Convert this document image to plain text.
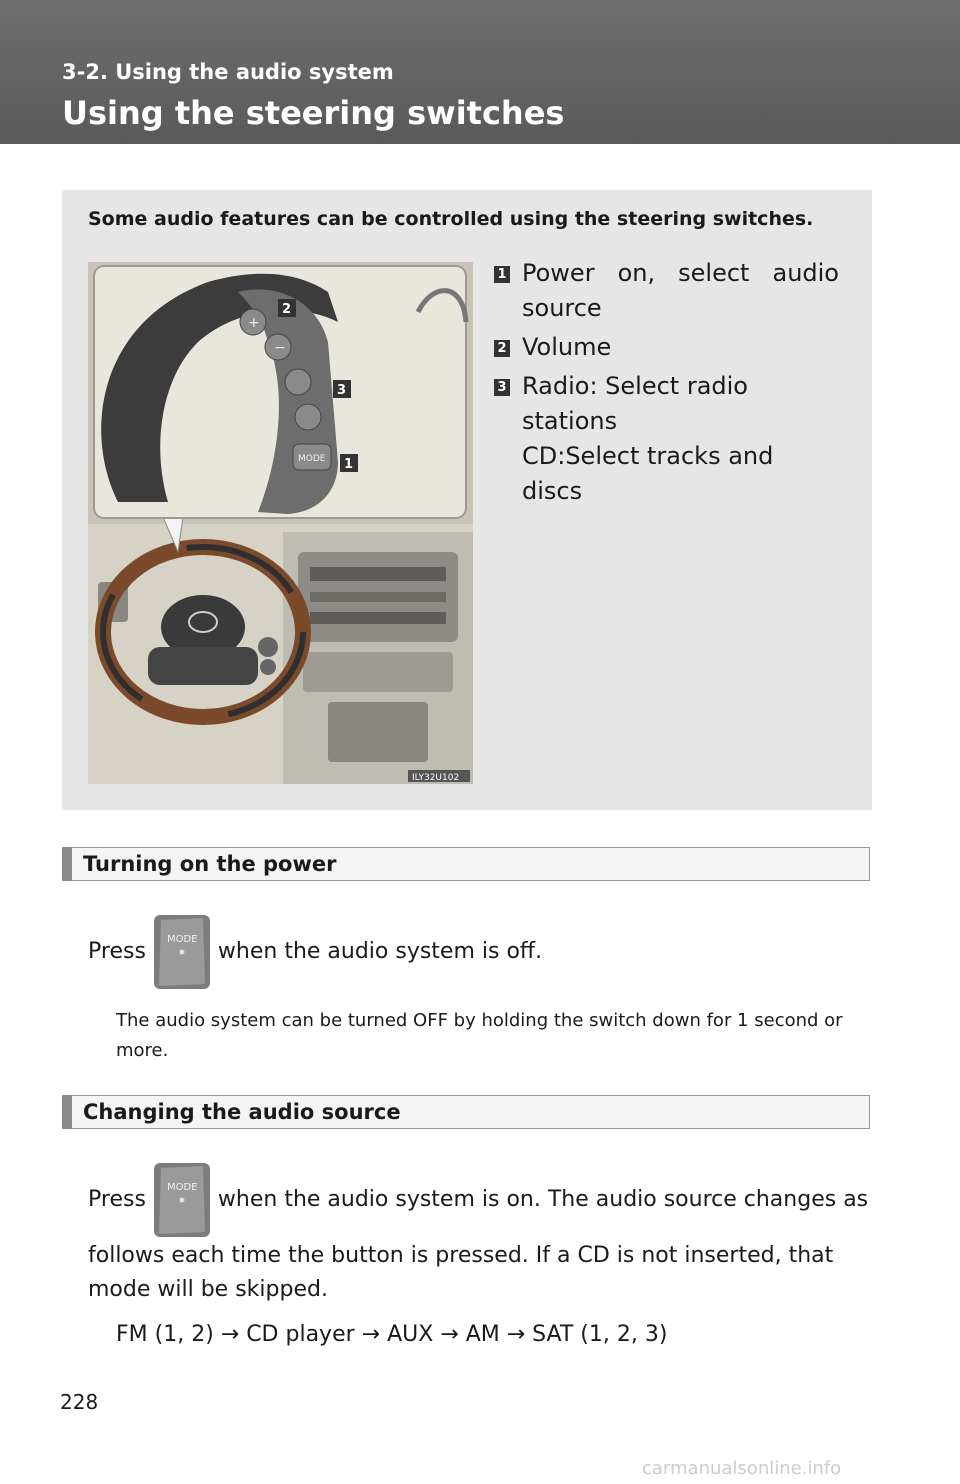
3-2. Using the audio system
Using the steering switches
Some audio features can be controlled using the steering switches.
+
−
MODE
2
3
1
ILY32U102
1 Power on, select audio source
2 Volume
3 Radio: Select radio stations
CD:Select tracks and discs
Turning on the power
Press MODE when the audio system is off.
The audio system can be turned OFF by holding the switch down for 1 second or more.
Changing the audio source
Press MODE when the audio system is on. The audio source changes as
follows each time the button is pressed. If a CD is not inserted, that mode will be skipped.
FM (1, 2) → CD player → AUX → AM → SAT (1, 2, 3)
228
carmanualsonline.info
